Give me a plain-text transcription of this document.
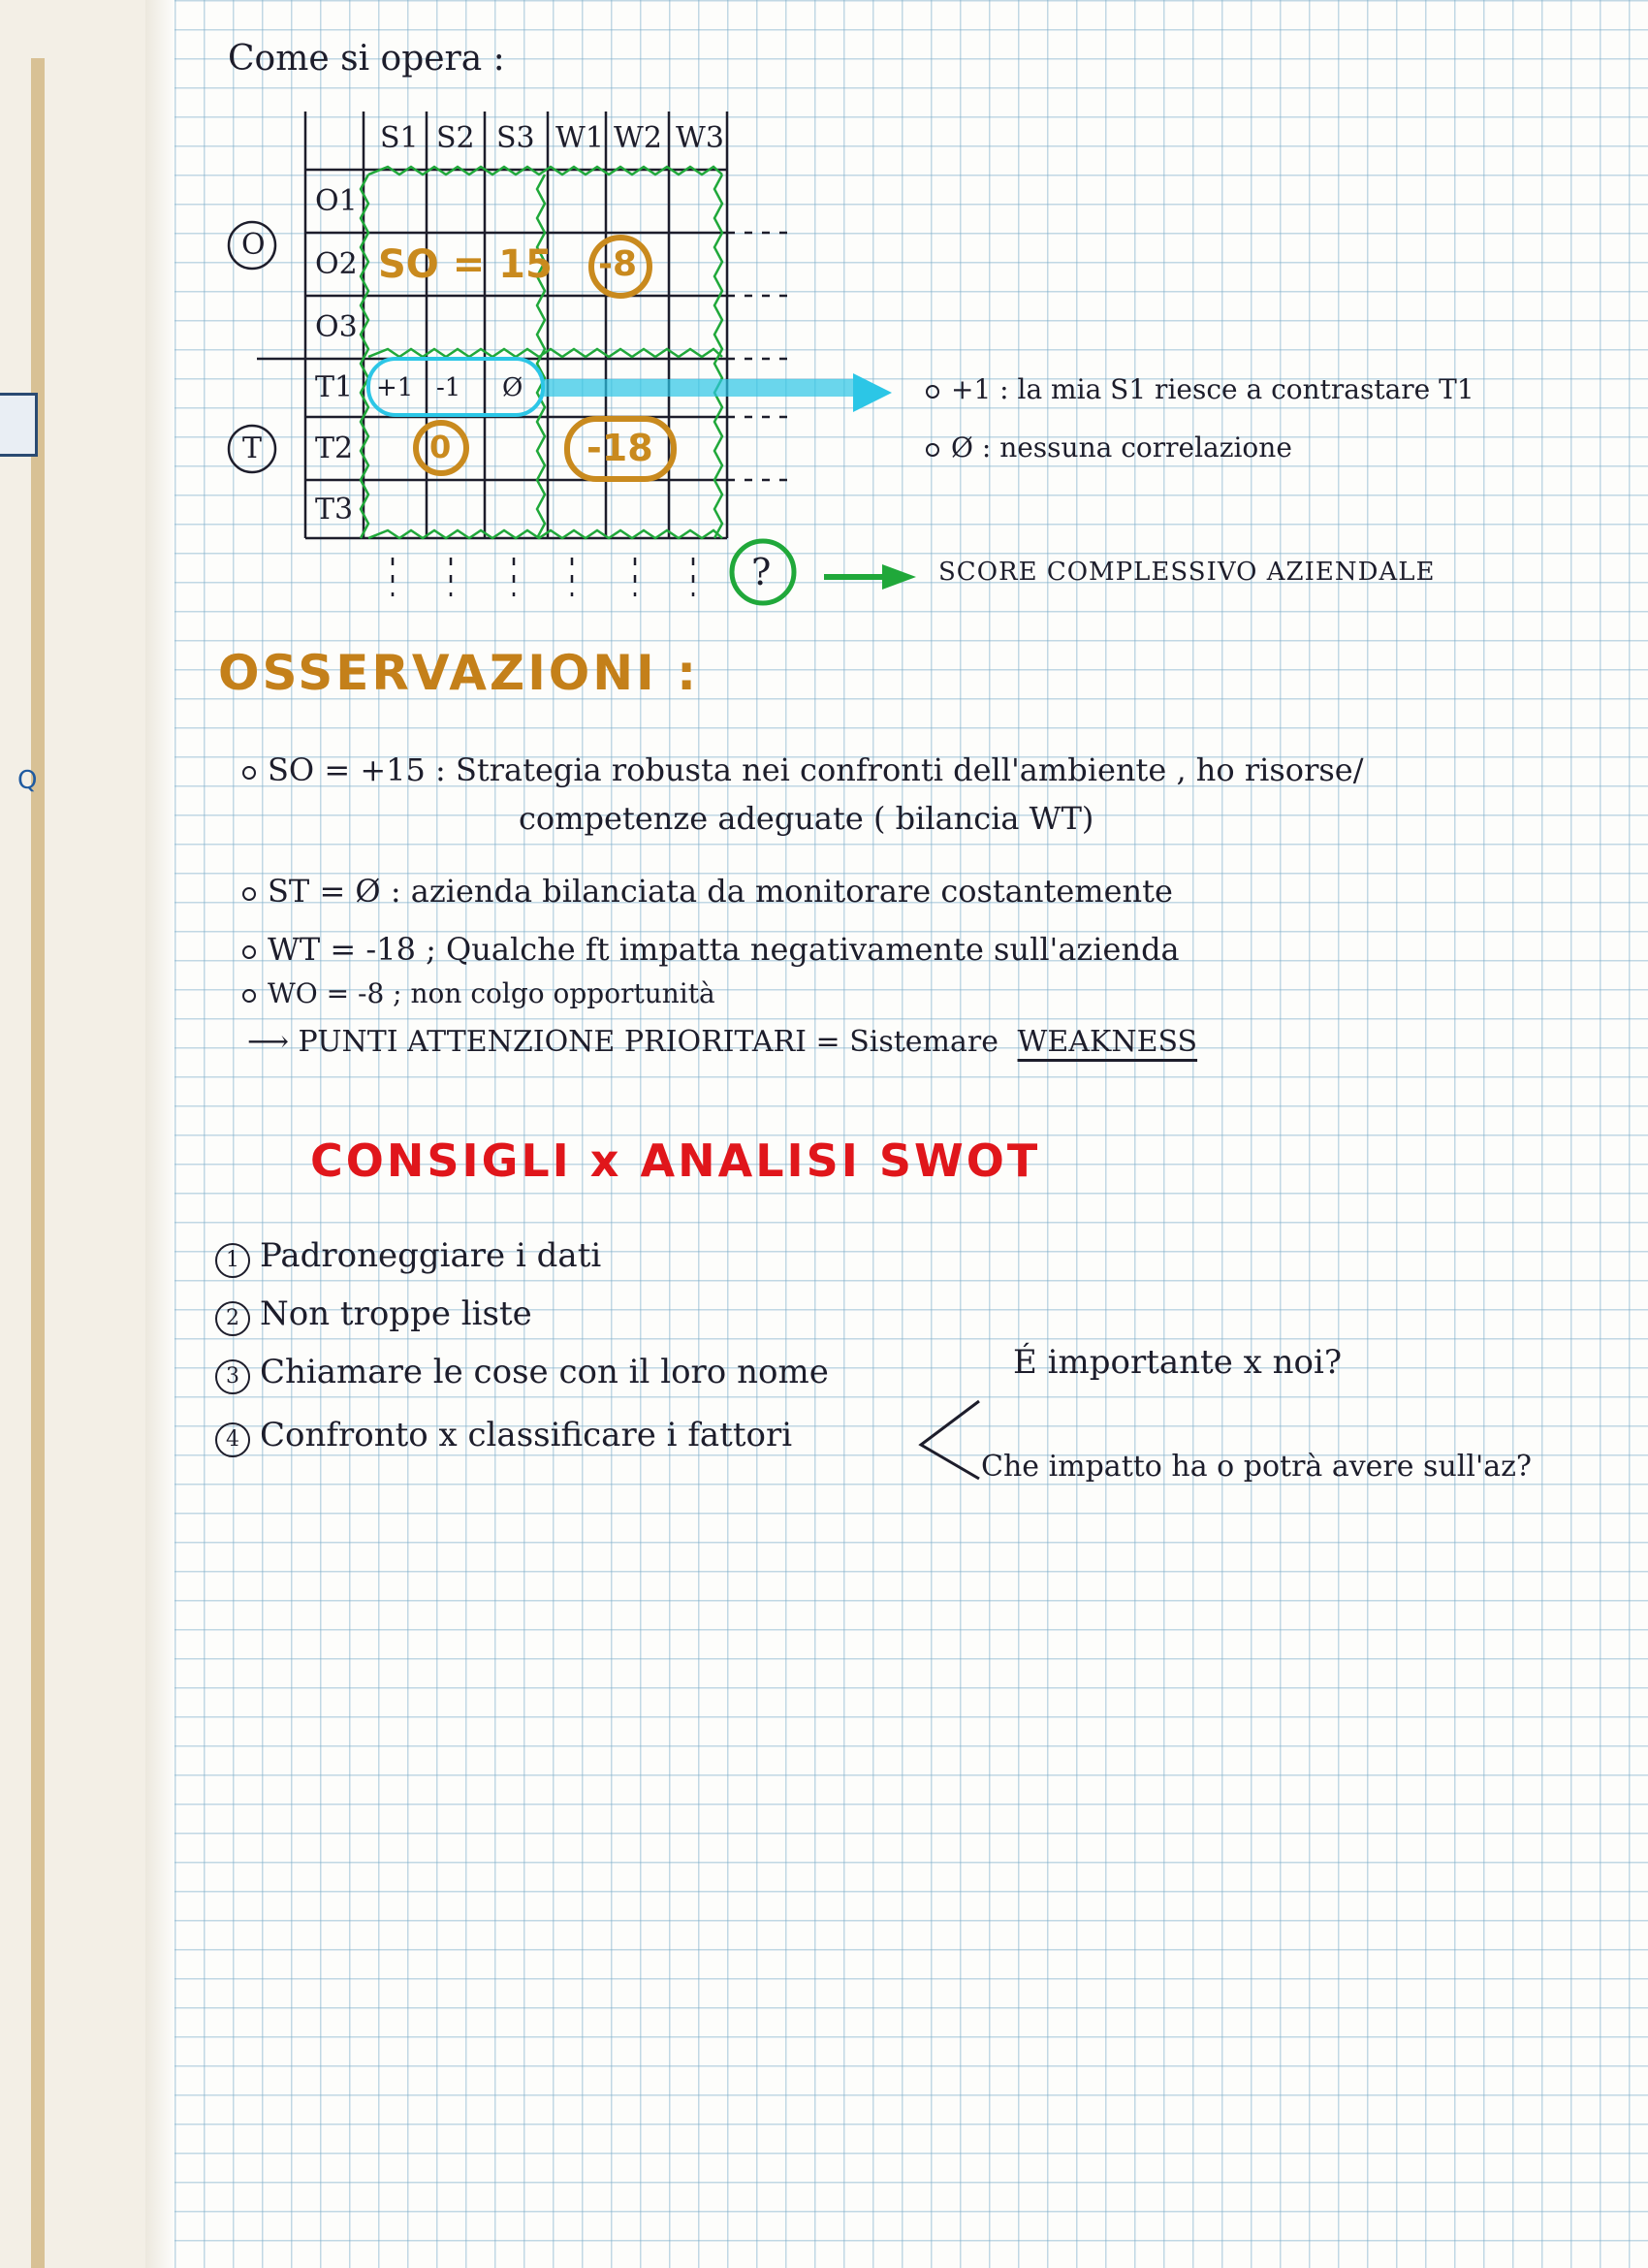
Q
Come si opera :
S1 S2 S3 W1 W2 W3
O1
O2
O3
T1
T2
T3
O
T
SO = 15 -8
0	-18
+1 -1 Ø
?
+1 : la mia S1 riesce a contrastare T1
Ø : nessuna correlazione
SCORE COMPLESSIVO AZIENDALE
OSSERVAZIONI :
SO = +15 : Strategia robusta nei confronti dell'ambiente , ho risorse/
competenze adeguate ( bilancia WT)
ST = Ø : azienda bilanciata da monitorare costantemente
WT = -18 ; Qualche ft impatta negativamente sull'azienda
WO = -8 ; non colgo opportunità
⟶ PUNTI ATTENZIONE PRIORITARI = Sistemare WEAKNESS
CONSIGLI x ANALISI SWOT
1 Padroneggiare i dati
2 Non troppe liste
3 Chiamare le cose con il loro nome
4 Confronto x classificare i fattori
É importante x noi?
Che impatto ha o potrà avere sull'az?
